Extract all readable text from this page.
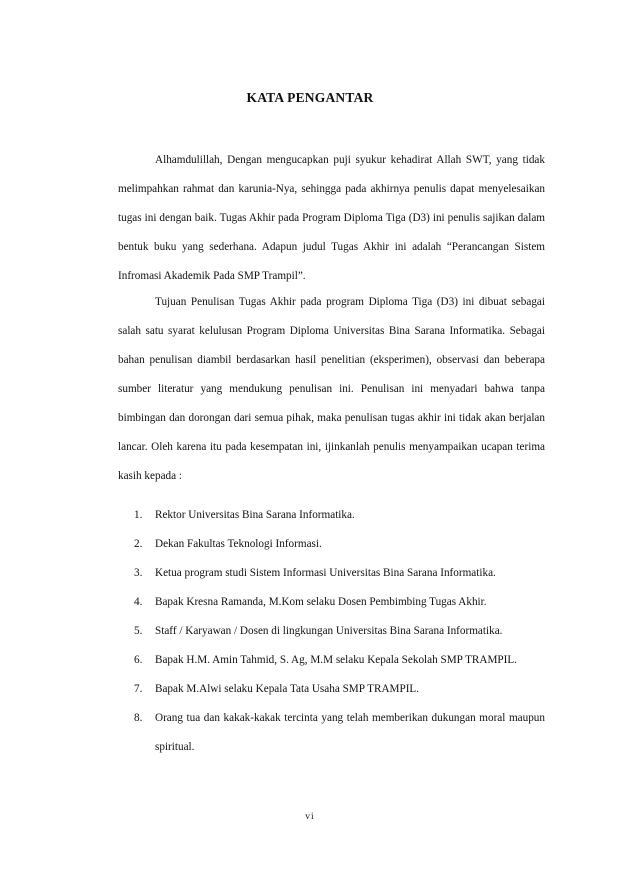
KATA PENGANTAR

Alhamdulillah, Dengan mengucapkan puji syukur kehadirat Allah SWT, yang tidak melimpahkan rahmat dan karunia-Nya, sehingga pada akhirnya penulis dapat menyelesaikan tugas ini dengan baik. Tugas Akhir pada Program Diploma Tiga (D3) ini penulis sajikan dalam bentuk buku yang sederhana. Adapun judul Tugas Akhir ini adalah “Perancangan Sistem Infromasi Akademik Pada SMP Trampil”.

Tujuan Penulisan Tugas Akhir pada program Diploma Tiga (D3) ini dibuat sebagai salah satu syarat kelulusan Program Diploma Universitas Bina Sarana Informatika. Sebagai bahan penulisan diambil berdasarkan hasil penelitian (eksperimen), observasi dan beberapa sumber literatur yang mendukung penulisan ini. Penulisan ini menyadari bahwa tanpa bimbingan dan dorongan dari semua pihak, maka penulisan tugas akhir ini tidak akan berjalan lancar. Oleh karena itu pada kesempatan ini, ijinkanlah penulis menyampaikan ucapan terima kasih kepada :

1. Rektor Universitas Bina Sarana Informatika.
2. Dekan Fakultas Teknologi Informasi.
3. Ketua program studi Sistem Informasi Universitas Bina Sarana Informatika.
4. Bapak Kresna Ramanda, M.Kom selaku Dosen Pembimbing Tugas Akhir.
5. Staff / Karyawan / Dosen di lingkungan Universitas Bina Sarana Informatika.
6. Bapak H.M. Amin Tahmid, S. Ag, M.M selaku Kepala Sekolah SMP TRAMPIL.
7. Bapak M.Alwi selaku Kepala Tata Usaha SMP TRAMPIL.
8. Orang tua dan kakak-kakak tercinta yang telah memberikan dukungan moral maupun spiritual.
vi
